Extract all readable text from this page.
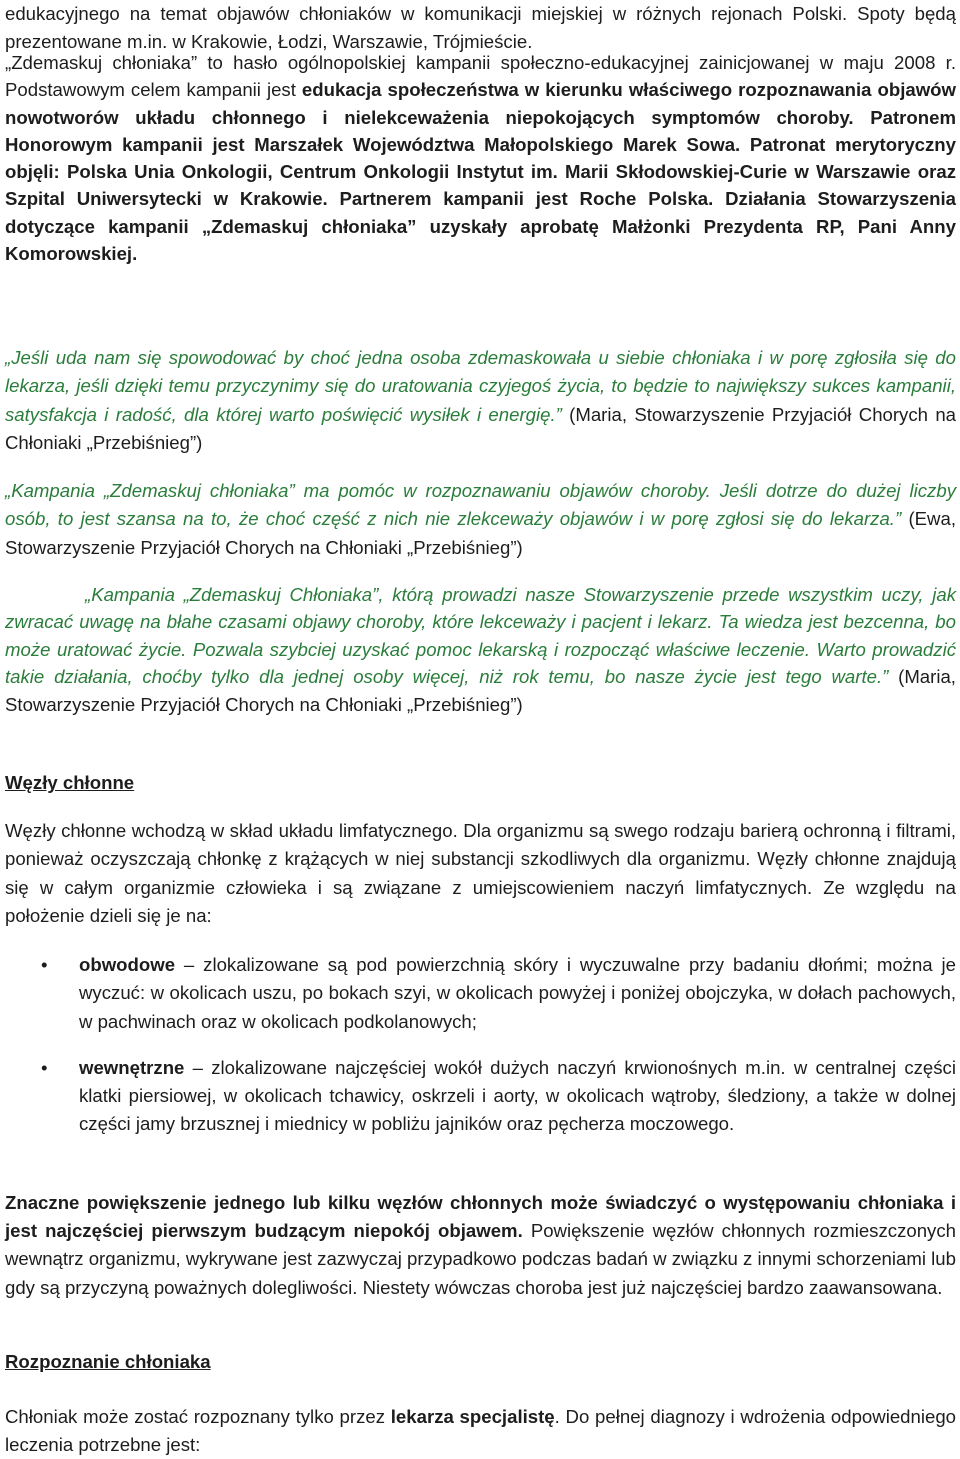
edukacyjnego na temat objawów chłoniaków w komunikacji miejskiej w różnych rejonach Polski. Spoty będą prezentowane m.in. w Krakowie, Łodzi, Warszawie, Trójmieście.

„Zdemaskuj chłoniaka” to hasło ogólnopolskiej kampanii społeczno-edukacyjnej zainicjowanej w maju 2008 r. Podstawowym celem kampanii jest edukacja społeczeństwa w kierunku właściwego rozpoznawania objawów nowotworów układu chłonnego i nielekceważenia niepokojących symptomów choroby. Patronem Honorowym kampanii jest Marszałek Województwa Małopolskiego Marek Sowa. Patronat merytoryczny objęli: Polska Unia Onkologii, Centrum Onkologii Instytut im. Marii Skłodowskiej-Curie w Warszawie oraz Szpital Uniwersytecki w Krakowie. Partnerem kampanii jest Roche Polska. Działania Stowarzyszenia dotyczące kampanii „Zdemaskuj chłoniaka” uzyskały aprobatę Małżonki Prezydenta RP, Pani Anny Komorowskiej.

„Jeśli uda nam się spowodować by choć jedna osoba zdemaskowała u siebie chłoniaka i w porę zgłosiła się do lekarza, jeśli dzięki temu przyczynimy się do uratowania czyjegoś życia, to będzie to największy sukces kampanii, satysfakcja i radość, dla której warto poświęcić wysiłek i energię.” (Maria, Stowarzyszenie Przyjaciół Chorych na Chłoniaki „Przebiśnieg”)

„Kampania „Zdemaskuj chłoniaka” ma pomóc w rozpoznawaniu objawów choroby. Jeśli dotrze do dużej liczby osób, to jest szansa na to, że choć część z nich nie zlekceważy objawów i w porę zgłosi się do lekarza.” (Ewa, Stowarzyszenie Przyjaciół Chorych na Chłoniaki „Przebiśnieg”)

„Kampania „Zdemaskuj Chłoniaka”, którą prowadzi nasze Stowarzyszenie przede wszystkim uczy, jak zwracać uwagę na błahe czasami objawy choroby, które lekceważy i pacjent i lekarz. Ta wiedza jest bezcenna, bo może uratować życie. Pozwala szybciej uzyskać pomoc lekarską i rozpocząć właściwe leczenie. Warto prowadzić takie działania, choćby tylko dla jednej osoby więcej, niż rok temu, bo nasze życie jest tego warte.” (Maria, Stowarzyszenie Przyjaciół Chorych na Chłoniaki „Przebiśnieg”)

Węzły chłonne

Węzły chłonne wchodzą w skład układu limfatycznego. Dla organizmu są swego rodzaju barierą ochronną i filtrami, ponieważ oczyszczają chłonkę z krążących w niej substancji szkodliwych dla organizmu. Węzły chłonne znajdują się w całym organizmie człowieka i są związane z umiejscowieniem naczyń limfatycznych. Ze względu na położenie dzieli się je na:

• obwodowe – zlokalizowane są pod powierzchnią skóry i wyczuwalne przy badaniu dłońmi; można je wyczuć: w okolicach uszu, po bokach szyi, w okolicach powyżej i poniżej obojczyka, w dołach pachowych, w pachwinach oraz w okolicach podkolanowych;
• wewnętrzne – zlokalizowane najczęściej wokół dużych naczyń krwionośnych m.in. w centralnej części klatki piersiowej, w okolicach tchawicy, oskrzeli i aorty, w okolicach wątroby, śledziony, a także w dolnej części jamy brzusznej i miednicy w pobliżu jajników oraz pęcherza moczowego.

Znaczne powiększenie jednego lub kilku węzłów chłonnych może świadczyć o występowaniu chłoniaka i jest najczęściej pierwszym budzącym niepokój objawem. Powiększenie węzłów chłonnych rozmieszczonych wewnątrz organizmu, wykrywane jest zazwyczaj przypadkowo podczas badań w związku z innymi schorzeniami lub gdy są przyczyną poważnych dolegliwości. Niestety wówczas choroba jest już najczęściej bardzo zaawansowana.

Rozpoznanie chłoniaka

Chłoniak może zostać rozpoznany tylko przez lekarza specjalistę. Do pełnej diagnozy i wdrożenia odpowiedniego leczenia potrzebne jest:
